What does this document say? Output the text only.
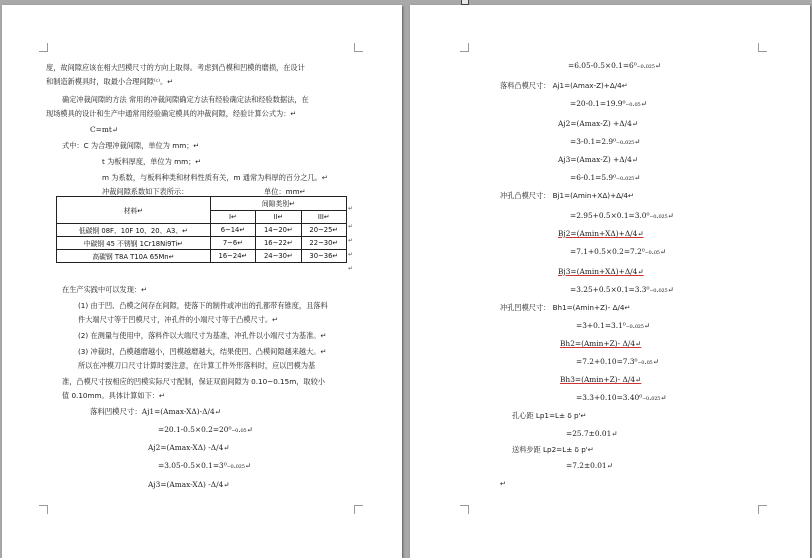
度，故间隙应该在相大凹模尺寸的方向上取得。考虑到凸模和凹模的磨损，在设计
和制造新模具时，取最小合理间隙⁽ᶜ⁾。↵
确定冲裁间隙的方法 常用的冲裁间隙确定方法有经验确定法和经验数据法，在
现场模具的设计和生产中通常用经验确定模具的冲裁间隙，经验计算公式为：↵
C=mt↵
式中：C 为合理冲裁间隙，单位为 mm；↵
t 为板料厚度，单位为 mm；↵
m 为系数，与板料种类和材料性质有关，m 通常为料厚的百分之几。↵
冲裁间隙系数如下表所示：	单位：mm↵
材料↵	间隙类别↵		
	I↵	II↵	III↵
低碳钢 08F、10F 10、20、A3、↵	6~14↵	14~20↵	20~25↵
中碳钢 45 不锈钢 1Cr18Ni9Ti↵	7~6↵	16~22↵	22~30↵
高碳钢 T8A T10A 65Mn↵	16~24↵	24~30↵	30~36↵
↵
↵
↵
↵
↵
在生产实践中可以发现：↵
(1) 由于凹、凸模之间存在间隙，使落下的制件或冲出的孔都带有锥度，且落料
件大端尺寸等于凹模尺寸，冲孔件的小端尺寸等于凸模尺寸。↵
(2) 在测量与使用中，落料件以大端尺寸为基准，冲孔件以小端尺寸为基准。↵
(3) 冲裁时，凸模越磨越小，凹模越磨越大，结果使凹、凸模间隙越来越大。↵
所以在冲模刀口尺寸计算时要注意，在计算工件外形落料时，应以凹模为基
准，凸模尺寸按相应的凹模实际尺寸配制，保证双面间隙为 0.10~0.15m，取较小
值 0.10mm。具体计算如下：↵
落料凹模尺寸：Aj1=(Amax-XΔ)-Δ/4↵
=20.1-0.5×0.2=20⁰₋₀.₀₅↵
Aj2=(Amax-XΔ) -Δ/4↵
=3.05-0.5×0.1=3⁰₋₀.₀₂₅↵
Aj3=(Amax-XΔ) -Δ/4↵
=6.05-0.5×0.1=6⁰₋₀.₀₂₅↵
落料凸模尺寸： Aj1=(Amax-Z)+Δ/4↵
=20-0.1=19.9⁰₋₀.₀₅↵
Aj2=(Amax-Z) +Δ/4↵
=3-0.1=2.9⁰₋₀.₀₂₅↵
Aj3=(Amax-Z) +Δ/4↵
=6-0.1=5.9⁰₋₀.₀₂₅↵
冲孔凸模尺寸： Bj1=(Amin+XΔ)+Δ/4↵
=2.95+0.5×0.1=3.0⁰₋₀.₀₂₅↵
Bj2=(Amin+XΔ)+Δ/4↵
=7.1+0.5×0.2=7.2⁰₋₀.₀₅↵
Bj3=(Amin+XΔ)+Δ/4↵
=3.25+0.5×0.1=3.3⁰₋₀.₀₂₅↵
冲孔凹模尺寸： Bh1=(Amin+Z)- Δ/4↵
=3+0.1=3.1⁰₋₀.₀₂₅↵
Bh2=(Amin+Z)- Δ/4↵
=7.2+0.10=7.3⁰₋₀.₀₅↵
Bh3=(Amin+Z)- Δ/4↵
=3.3+0.10=3.40⁰₋₀.₀₂₅↵
孔心距 Lp1=L± δ p'↵
=25.7±0.01↵
送料步距 Lp2=L± δ p'↵
=7.2±0.01↵
↵
